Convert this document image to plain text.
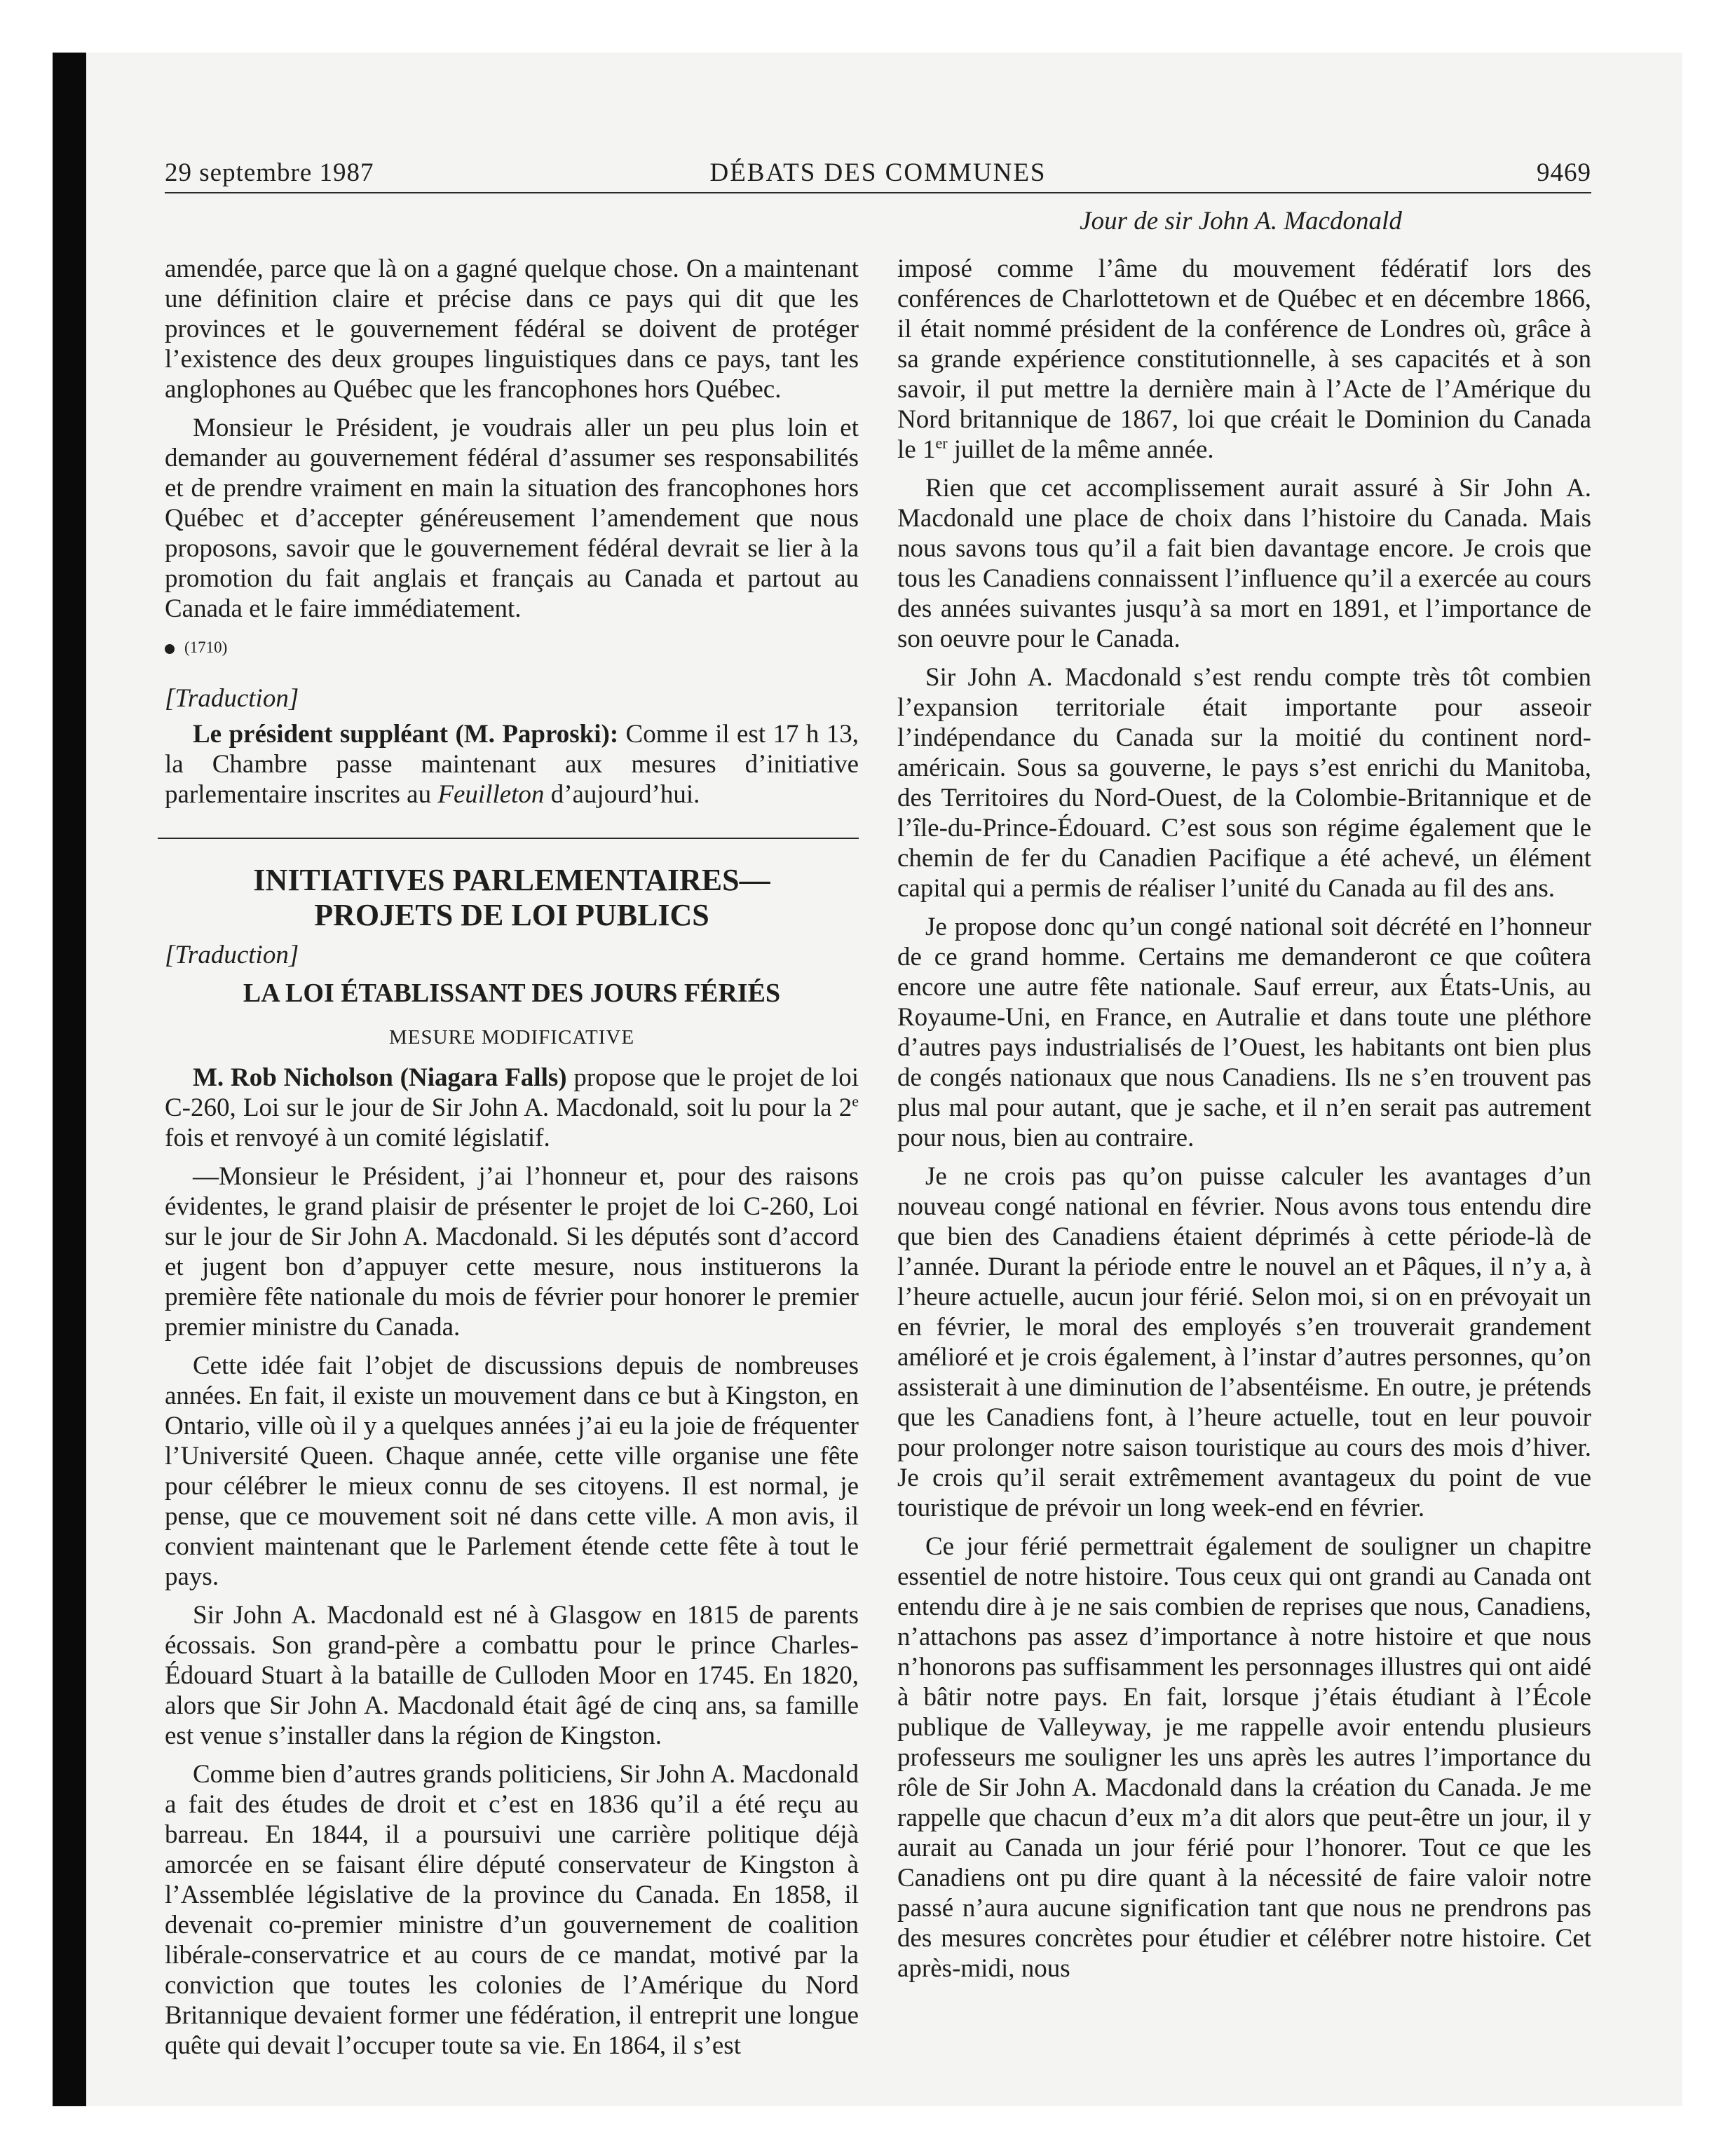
29 septembre 1987	DÉBATS DES COMMUNES	9469
Jour de sir John A. Macdonald

amendée, parce que là on a gagné quelque chose. On a maintenant une définition claire et précise dans ce pays qui dit que les provinces et le gouvernement fédéral se doivent de protéger l’existence des deux groupes linguistiques dans ce pays, tant les anglophones au Québec que les francophones hors Québec.

Monsieur le Président, je voudrais aller un peu plus loin et demander au gouvernement fédéral d’assumer ses responsabilités et de prendre vraiment en main la situation des francophones hors Québec et d’accepter généreusement l’amendement que nous proposons, savoir que le gouvernement fédéral devrait se lier à la promotion du fait anglais et français au Canada et partout au Canada et le faire immédiatement.

(1710)

[Traduction]

Le président suppléant (M. Paproski): Comme il est 17 h 13, la Chambre passe maintenant aux mesures d’initiative parlementaire inscrites au Feuilleton d’aujourd’hui.

INITIATIVES PARLEMENTAIRES—
PROJETS DE LOI PUBLICS

[Traduction]

LA LOI ÉTABLISSANT DES JOURS FÉRIÉS
MESURE MODIFICATIVE

M. Rob Nicholson (Niagara Falls) propose que le projet de loi C-260, Loi sur le jour de Sir John A. Macdonald, soit lu pour la 2e fois et renvoyé à un comité législatif.

—Monsieur le Président, j’ai l’honneur et, pour des raisons évidentes, le grand plaisir de présenter le projet de loi C-260, Loi sur le jour de Sir John A. Macdonald. Si les députés sont d’accord et jugent bon d’appuyer cette mesure, nous instituerons la première fête nationale du mois de février pour honorer le premier premier ministre du Canada.

Cette idée fait l’objet de discussions depuis de nombreuses années. En fait, il existe un mouvement dans ce but à Kingston, en Ontario, ville où il y a quelques années j’ai eu la joie de fréquenter l’Université Queen. Chaque année, cette ville organise une fête pour célébrer le mieux connu de ses citoyens. Il est normal, je pense, que ce mouvement soit né dans cette ville. A mon avis, il convient maintenant que le Parlement étende cette fête à tout le pays.

Sir John A. Macdonald est né à Glasgow en 1815 de parents écossais. Son grand-père a combattu pour le prince Charles-Édouard Stuart à la bataille de Culloden Moor en 1745. En 1820, alors que Sir John A. Macdonald était âgé de cinq ans, sa famille est venue s’installer dans la région de Kingston.

Comme bien d’autres grands politiciens, Sir John A. Macdonald a fait des études de droit et c’est en 1836 qu’il a été reçu au barreau. En 1844, il a poursuivi une carrière politique déjà amorcée en se faisant élire député conservateur de Kingston à l’Assemblée législative de la province du Canada. En 1858, il devenait co-premier ministre d’un gouvernement de coalition libérale-conservatrice et au cours de ce mandat, motivé par la conviction que toutes les colonies de l’Amérique du Nord Britannique devaient former une fédération, il entreprit une longue quête qui devait l’occuper toute sa vie. En 1864, il s’est

imposé comme l’âme du mouvement fédératif lors des conférences de Charlottetown et de Québec et en décembre 1866, il était nommé président de la conférence de Londres où, grâce à sa grande expérience constitutionnelle, à ses capacités et à son savoir, il put mettre la dernière main à l’Acte de l’Amérique du Nord britannique de 1867, loi que créait le Dominion du Canada le 1er juillet de la même année.

Rien que cet accomplissement aurait assuré à Sir John A. Macdonald une place de choix dans l’histoire du Canada. Mais nous savons tous qu’il a fait bien davantage encore. Je crois que tous les Canadiens connaissent l’influence qu’il a exercée au cours des années suivantes jusqu’à sa mort en 1891, et l’importance de son oeuvre pour le Canada.

Sir John A. Macdonald s’est rendu compte très tôt combien l’expansion territoriale était importante pour asseoir l’indépendance du Canada sur la moitié du continent nord-américain. Sous sa gouverne, le pays s’est enrichi du Manitoba, des Territoires du Nord-Ouest, de la Colombie-Britannique et de l’île-du-Prince-Édouard. C’est sous son régime également que le chemin de fer du Canadien Pacifique a été achevé, un élément capital qui a permis de réaliser l’unité du Canada au fil des ans.

Je propose donc qu’un congé national soit décrété en l’honneur de ce grand homme. Certains me demanderont ce que coûtera encore une autre fête nationale. Sauf erreur, aux États-Unis, au Royaume-Uni, en France, en Autralie et dans toute une pléthore d’autres pays industrialisés de l’Ouest, les habitants ont bien plus de congés nationaux que nous Canadiens. Ils ne s’en trouvent pas plus mal pour autant, que je sache, et il n’en serait pas autrement pour nous, bien au contraire.

Je ne crois pas qu’on puisse calculer les avantages d’un nouveau congé national en février. Nous avons tous entendu dire que bien des Canadiens étaient déprimés à cette période-là de l’année. Durant la période entre le nouvel an et Pâques, il n’y a, à l’heure actuelle, aucun jour férié. Selon moi, si on en prévoyait un en février, le moral des employés s’en trouverait grandement amélioré et je crois également, à l’instar d’autres personnes, qu’on assisterait à une diminution de l’absentéisme. En outre, je prétends que les Canadiens font, à l’heure actuelle, tout en leur pouvoir pour prolonger notre saison touristique au cours des mois d’hiver. Je crois qu’il serait extrêmement avantageux du point de vue touristique de prévoir un long week-end en février.

Ce jour férié permettrait également de souligner un chapitre essentiel de notre histoire. Tous ceux qui ont grandi au Canada ont entendu dire à je ne sais combien de reprises que nous, Canadiens, n’attachons pas assez d’importance à notre histoire et que nous n’honorons pas suffisamment les personnages illustres qui ont aidé à bâtir notre pays. En fait, lorsque j’étais étudiant à l’École publique de Valleyway, je me rappelle avoir entendu plusieurs professeurs me souligner les uns après les autres l’importance du rôle de Sir John A. Macdonald dans la création du Canada. Je me rappelle que chacun d’eux m’a dit alors que peut-être un jour, il y aurait au Canada un jour férié pour l’honorer. Tout ce que les Canadiens ont pu dire quant à la nécessité de faire valoir notre passé n’aura aucune signification tant que nous ne prendrons pas des mesures concrètes pour étudier et célébrer notre histoire. Cet après-midi, nous
